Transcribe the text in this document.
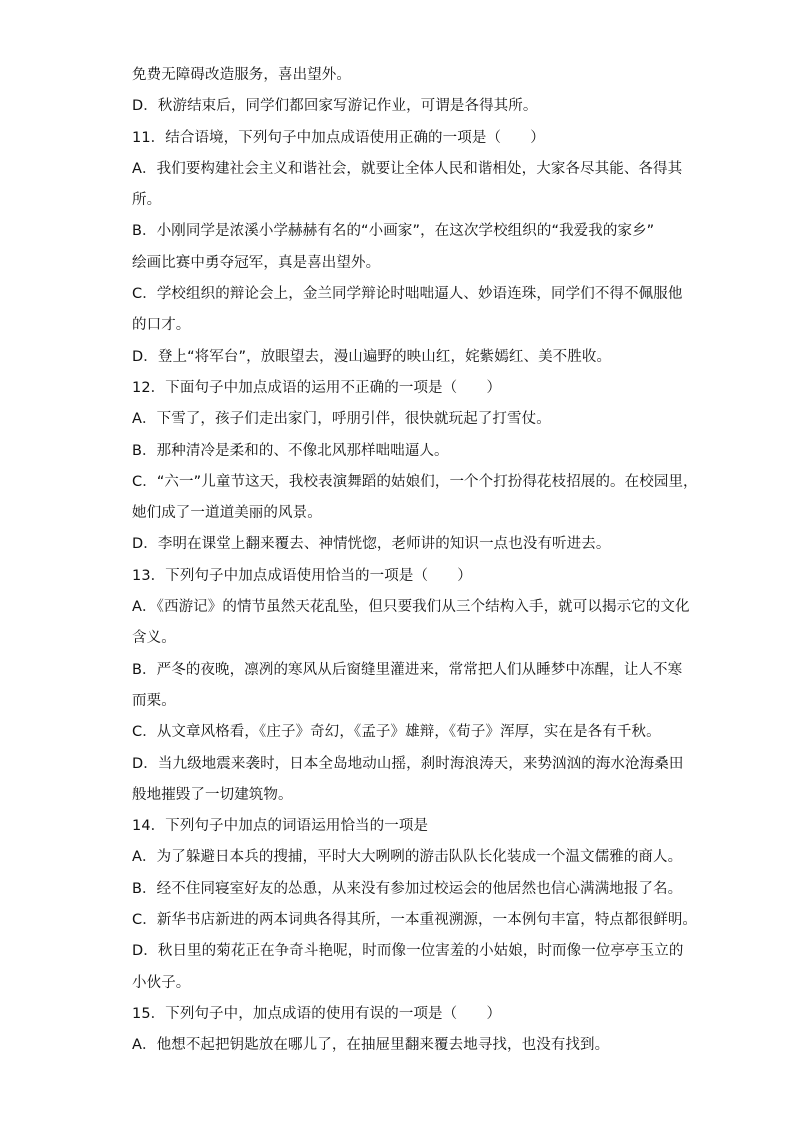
免费无障碍改造服务，喜出望外。
D．秋游结束后，同学们都回家写游记作业，可谓是各得其所。
11．结合语境，下列句子中加点成语使用正确的一项是（　　）
A．我们要构建社会主义和谐社会，就要让全体人民和谐相处，大家各尽其能、各得其
所。
B．小刚同学是浓溪小学赫赫有名的“小画家”，在这次学校组织的“我爱我的家乡”
绘画比赛中勇夺冠军，真是喜出望外。
C．学校组织的辩论会上，金兰同学辩论时咄咄逼人、妙语连珠，同学们不得不佩服他
的口才。
D．登上“将军台”，放眼望去，漫山遍野的映山红，姹紫嫣红、美不胜收。
12．下面句子中加点成语的运用不正确的一项是（　　）
A．下雪了，孩子们走出家门，呼朋引伴，很快就玩起了打雪仗。
B．那种清冷是柔和的、不像北风那样咄咄逼人。
C．“六一”儿童节这天，我校表演舞蹈的姑娘们，一个个打扮得花枝招展的。在校园里，
她们成了一道道美丽的风景。
D．李明在课堂上翻来覆去、神情恍惚，老师讲的知识一点也没有听进去。
13．下列句子中加点成语使用恰当的一项是（　　）
A．《西游记》的情节虽然天花乱坠，但只要我们从三个结构入手，就可以揭示它的文化
含义。
B．严冬的夜晚，凛冽的寒风从后窗缝里灌进来，常常把人们从睡梦中冻醒，让人不寒
而栗。
C．从文章风格看，《庄子》奇幻，《孟子》雄辩，《荀子》浑厚，实在是各有千秋。
D．当九级地震来袭时，日本全岛地动山摇，刹时海浪涛天，来势汹汹的海水沧海桑田
般地摧毁了一切建筑物。
14．下列句子中加点的词语运用恰当的一项是
A．为了躲避日本兵的搜捕，平时大大咧咧的游击队队长化装成一个温文儒雅的商人。
B．经不住同寝室好友的怂恿，从来没有参加过校运会的他居然也信心满满地报了名。
C．新华书店新进的两本词典各得其所，一本重视溯源，一本例句丰富，特点都很鲜明。
D．秋日里的菊花正在争奇斗艳呢，时而像一位害羞的小姑娘，时而像一位亭亭玉立的
小伙子。
15．下列句子中，加点成语的使用有误的一项是（　　）
A．他想不起把钥匙放在哪儿了，在抽屉里翻来覆去地寻找，也没有找到。
